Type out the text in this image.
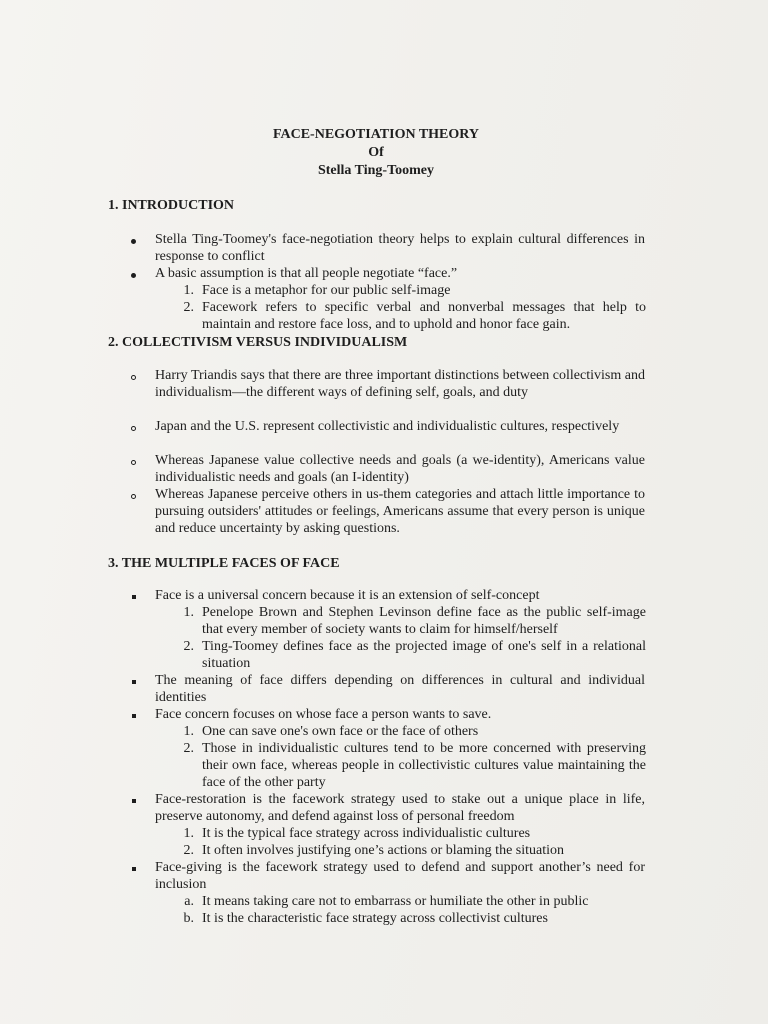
FACE-NEGOTIATION THEORY
Of
Stella Ting-Toomey
1. INTRODUCTION
Stella Ting-Toomey's face-negotiation theory helps to explain cultural differences in response to conflict
A basic assumption is that all people negotiate “face.”
1. Face is a metaphor for our public self-image
2. Facework refers to specific verbal and nonverbal messages that help to maintain and restore face loss, and to uphold and honor face gain.
2. COLLECTIVISM VERSUS INDIVIDUALISM
Harry Triandis says that there are three important distinctions between collectivism and individualism—the different ways of defining self, goals, and duty
Japan and the U.S. represent collectivistic and individualistic cultures, respectively
Whereas Japanese value collective needs and goals (a we-identity), Americans value individualistic needs and goals (an I-identity)
Whereas Japanese perceive others in us-them categories and attach little importance to pursuing outsiders' attitudes or feelings, Americans assume that every person is unique and reduce uncertainty by asking questions.
3. THE MULTIPLE FACES OF FACE
Face is a universal concern because it is an extension of self-concept
1. Penelope Brown and Stephen Levinson define face as the public self-image that every member of society wants to claim for himself/herself
2. Ting-Toomey defines face as the projected image of one's self in a relational situation
The meaning of face differs depending on differences in cultural and individual identities
Face concern focuses on whose face a person wants to save.
1. One can save one's own face or the face of others
2. Those in individualistic cultures tend to be more concerned with preserving their own face, whereas people in collectivistic cultures value maintaining the face of the other party
Face-restoration is the facework strategy used to stake out a unique place in life, preserve autonomy, and defend against loss of personal freedom
1. It is the typical face strategy across individualistic cultures
2. It often involves justifying one’s actions or blaming the situation
Face-giving is the facework strategy used to defend and support another’s need for inclusion
a. It means taking care not to embarrass or humiliate the other in public
b. It is the characteristic face strategy across collectivist cultures
